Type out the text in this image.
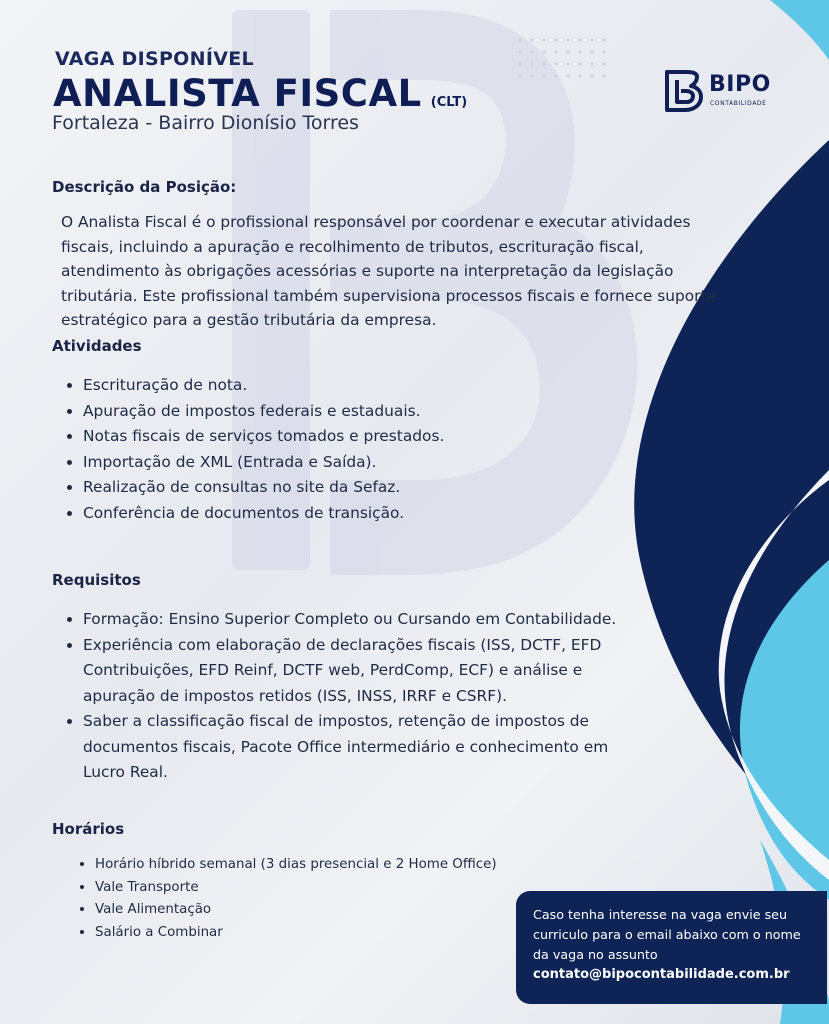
VAGA DISPONÍVEL
ANALISTA FISCAL (CLT)
Fortaleza - Bairro Dionísio Torres
BIPO
CONTABILIDADE
Descrição da Posição:
O Analista Fiscal é o profissional responsável por coordenar e executar atividades fiscais, incluindo a apuração e recolhimento de tributos, escrituração fiscal, atendimento às obrigações acessórias e suporte na interpretação da legislação tributária. Este profissional também supervisiona processos fiscais e fornece suporte estratégico para a gestão tributária da empresa.
Atividades
Escrituração de nota.
Apuração de impostos federais e estaduais.
Notas fiscais de serviços tomados e prestados.
Importação de XML (Entrada e Saída).
Realização de consultas no site da Sefaz.
Conferência de documentos de transição.
Requisitos
Formação: Ensino Superior Completo ou Cursando em Contabilidade.
Experiência com elaboração de declarações fiscais (ISS, DCTF, EFD Contribuições, EFD Reinf, DCTF web, PerdComp, ECF) e análise e apuração de impostos retidos (ISS, INSS, IRRF e CSRF).
Saber a classificação fiscal de impostos, retenção de impostos de documentos fiscais, Pacote Office intermediário e conhecimento em Lucro Real.
Horários
Horário híbrido semanal (3 dias presencial e 2 Home Office)
Vale Transporte
Vale Alimentação
Salário a Combinar
Caso tenha interesse na vaga envie seu curriculo para o email abaixo com o nome da vaga no assunto
contato@bipocontabilidade.com.br
